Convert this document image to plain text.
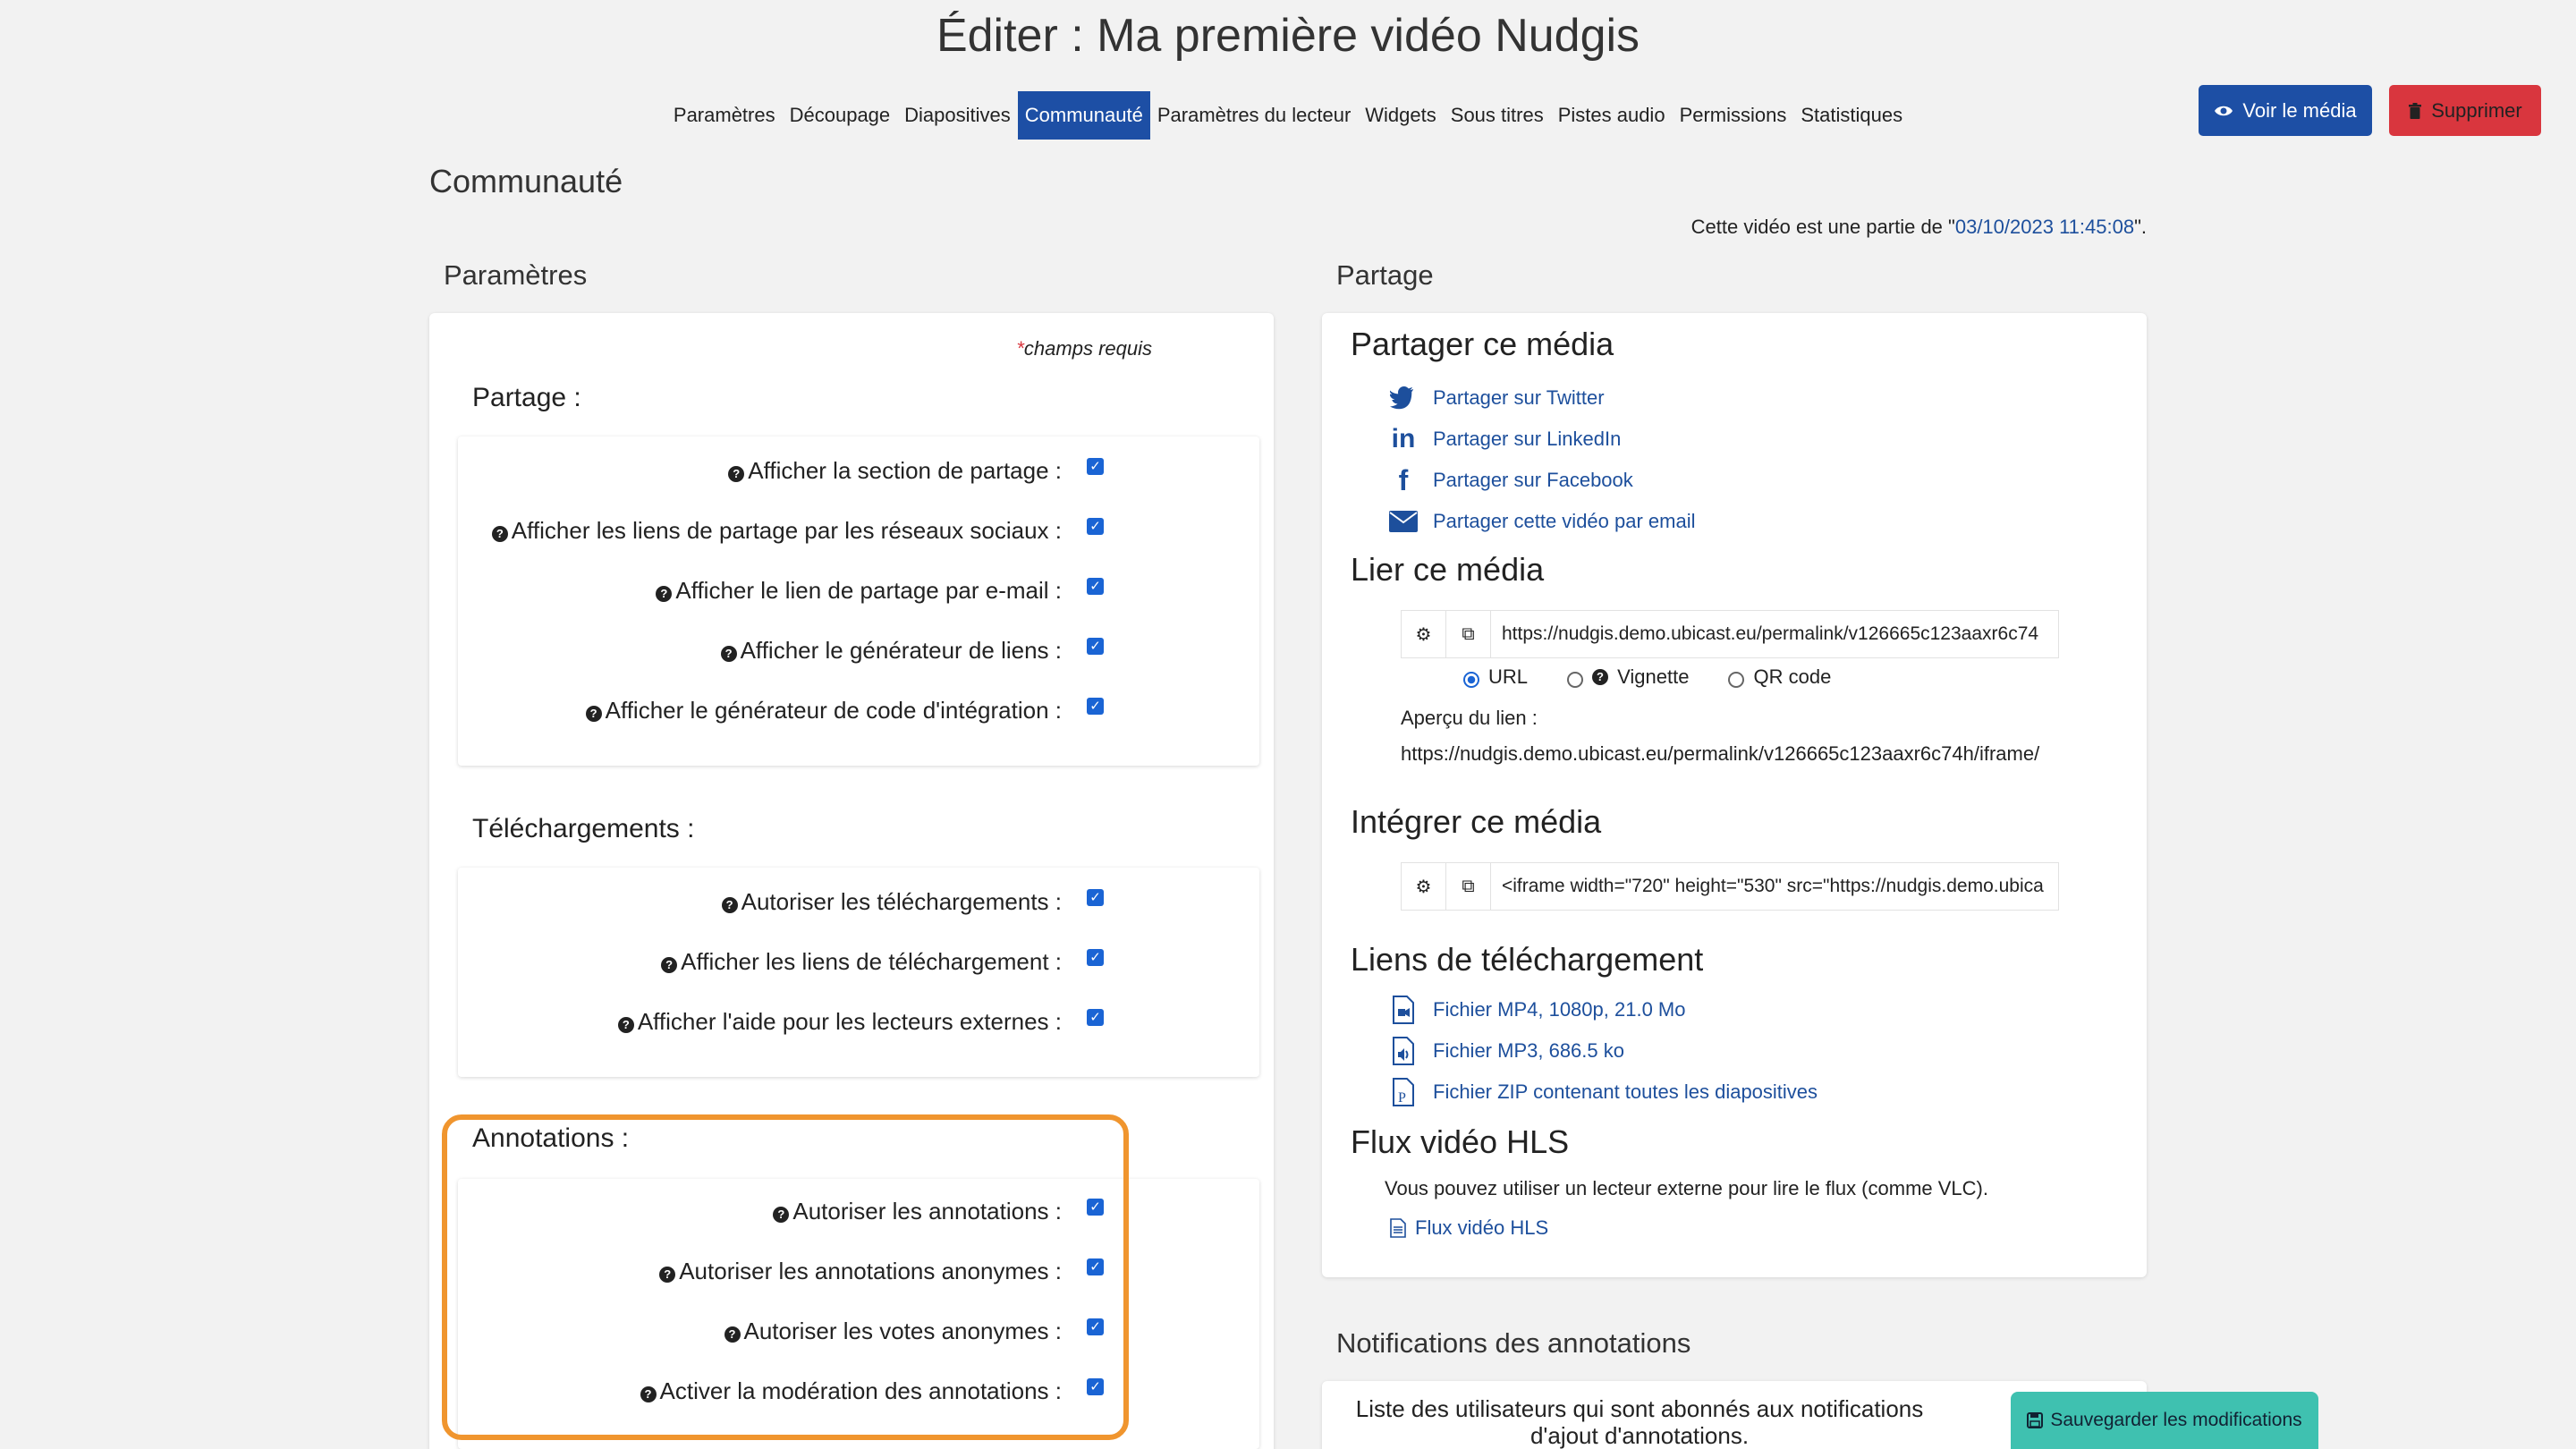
Éditer : Ma première vidéo Nudgis
Paramètres Découpage Diapositives Communauté Paramètres du lecteur Widgets Sous titres Pistes audio Permissions Statistiques	Voir le média	Supprimer
Communauté
Cette vidéo est une partie de "03/10/2023 11:45:08".
Paramètres
*champs requis
Partage :
? Afficher la section de partage : ✓
? Afficher les liens de partage par les réseaux sociaux : ✓
? Afficher le lien de partage par e-mail : ✓
? Afficher le générateur de liens : ✓
? Afficher le générateur de code d'intégration : ✓
Téléchargements :
? Autoriser les téléchargements : ✓
? Afficher les liens de téléchargement : ✓
? Afficher l'aide pour les lecteurs externes : ✓
Annotations :
? Autoriser les annotations : ✓
? Autoriser les annotations anonymes : ✓
? Autoriser les votes anonymes : ✓
? Activer la modération des annotations : ✓
Partage
Partager ce média
Partager sur Twitter
in Partager sur LinkedIn
f	Partager sur Facebook
Partager cette vidéo par email
Lier ce média
⚙	⧉	https://nudgis.demo.ubicast.eu/permalink/v126665c123aaxr6c74
URL	?
Vignette	QR code
Aperçu du lien :
https://nudgis.demo.ubicast.eu/permalink/v126665c123aaxr6c74h/iframe/
Intégrer ce média
⚙	⧉	<iframe width="720" height="530" src="https://nudgis.demo.ubica
Liens de téléchargement
Fichier MP4, 1080p, 21.0 Mo
Fichier MP3, 686.5 ko
P Fichier ZIP contenant toutes les diapositives
Flux vidéo HLS
Vous pouvez utiliser un lecteur externe pour lire le flux (comme VLC).
Flux vidéo HLS
Notifications des annotations
Liste des utilisateurs qui sont abonnés aux notifications
d'ajout d'annotations.
Sauvegarder les modifications
